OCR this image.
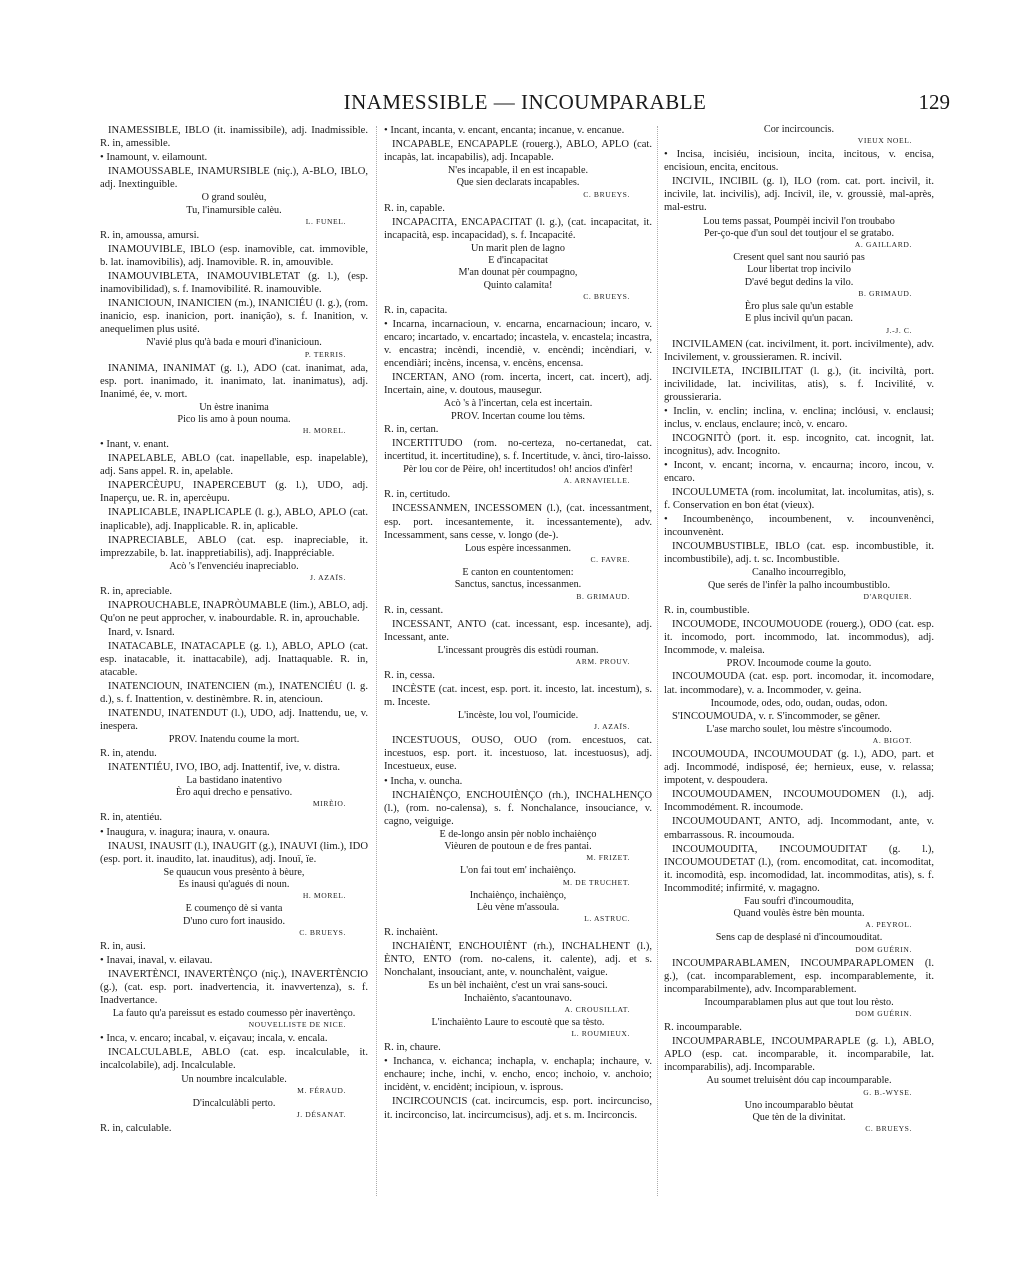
INAMESSIBLE — INCOUMPARABLE	129

INAMESSIBLE, IBLO (it. inamissibile), adj. Inadmissible. R. in, amessible.

• Inamount, v. eilamount.

INAMOUSSABLE, INAMURSIBLE (niç.), A-BLO, IBLO, adj. Inextinguible.

O grand soulèu,

Tu, l'inamursible calèu.

L. FUNEL.

R. in, amoussa, amursi.

INAMOUVIBLE, IBLO (esp. inamovible, cat. immovible, b. lat. inamovibilis), adj. Inamovible. R. in, amouvible.

INAMOUVIBLETA, INAMOUVIBLETAT (g. l.), (esp. inamovibilidad), s. f. Inamovibilité. R. inamouvible.

INANICIOUN, INANICIEN (m.), INANICIÉU (l. g.), (rom. inanicio, esp. inanicion, port. inanição), s. f. Inanition, v. anequelimen plus usité.

N'avié plus qu'à bada e mouri d'inanicioun.

P. TERRIS.

INANIMA, INANIMAT (g. l.), ADO (cat. inanimat, ada, esp. port. inanimado, it. inanimato, lat. inanimatus), adj. Inanimé, ée, v. mort.

Un èstre inanima

Pico lis amo à poun nouma.

H. MOREL.

• Inant, v. enant.

INAPELABLE, ABLO (cat. inapellable, esp. inapelable), adj. Sans appel. R. in, apelable.

INAPERCÈUPU, INAPERCEBUT (g. l.), UDO, adj. Inaperçu, ue. R. in, apercèupu.

INAPLICABLE, INAPLICAPLE (l. g.), ABLO, APLO (cat. inaplicable), adj. Inapplicable. R. in, aplicable.

INAPRECIABLE, ABLO (cat. esp. inapreciable, it. imprezzabile, b. lat. inappretiabilis), adj. Inappréciable.

Acò 's l'envenciéu inapreciablo.

J. AZAÏS.

R. in, apreciable.

INAPROUCHABLE, INAPRÒUMABLE (lim.), ABLO, adj. Qu'on ne peut approcher, v. inabourdable. R. in, aprouchable.

Inard, v. Isnard.

INATACABLE, INATACAPLE (g. l.), ABLO, APLO (cat. esp. inatacable, it. inattacabile), adj. Inattaquable. R. in, atacable.

INATENCIOUN, INATENCIEN (m.), INATENCIÉU (l. g. d.), s. f. Inattention, v. destinèmbre. R. in, atencioun.

INATENDU, INATENDUT (l.), UDO, adj. Inattendu, ue, v. inespera.

PROV. Inatendu coume la mort.

R. in, atendu.

INATENTIÉU, IVO, IBO, adj. Inattentif, ive, v. distra.

La bastidano inatentivo

Èro aqui drecho e pensativo.

MIRÈIO.

R. in, atentiéu.

• Inaugura, v. inagura; inaura, v. onaura.

INAUSI, INAUSIT (l.), INAUGIT (g.), INAUVI (lim.), IDO (esp. port. it. inaudito, lat. inauditus), adj. Inouï, ïe.

Se quaucun vous presènto à bèure,

Es inausi qu'agués di noun.

H. MOREL.

E coumenço dè si vanta

D'uno curo fort inausido.

C. BRUEYS.

R. in, ausi.

• Inavai, inaval, v. eilavau.

INAVERTÈNCI, INAVERTÈNÇO (niç.), INAVERTÈNCIO (g.), (cat. esp. port. inadvertencia, it. inavvertenza), s. f. Inadvertance.

La fauto qu'a pareissut es estado coumesso pèr inavertènço.

NOUVELLISTE DE NICE.

• Inca, v. encaro; incabal, v. eiçavau; incala, v. encala.

INCALCULABLE, ABLO (cat. esp. incalculable, it. incalcolabile), adj. Incalculable.

Un noumbre incalculable.

M. FÉRAUD.

D'incalculàbli perto.

J. DÉSANAT.

R. in, calculable.

• Incant, incanta, v. encant, encanta; incanue, v. encanue.

INCAPABLE, ENCAPAPLE (rouerg.), ABLO, APLO (cat. incapàs, lat. incapabilis), adj. Incapable.

N'es incapable, il en est incapable.

Que sien declarats incapables.

C. BRUEYS.

R. in, capable.

INCAPACITA, ENCAPACITAT (l. g.), (cat. incapacitat, it. incapacità, esp. incapacidad), s. f. Incapacité.

Un marit plen de lagno

E d'incapacitat

M'an dounat pèr coumpagno,

Quinto calamita!

C. BRUEYS.

R. in, capacita.

• Incarna, incarnacioun, v. encarna, encarnacioun; incaro, v. encaro; incartado, v. encartado; incastela, v. encastela; incastra, v. encastra; incèndi, incendiè, v. encèndi; incèndiari, v. encendiàri; incèns, incensa, v. encèns, encensa.

INCERTAN, ANO (rom. incerta, incert, cat. incert), adj. Incertain, aine, v. doutous, mausegur.

Acò 's à l'incertan, cela est incertain.

PROV. Incertan coume lou tèms.

R. in, certan.

INCERTITUDO (rom. no-certeza, no-certanedat, cat. incertitud, it. incertitudine), s. f. Incertitude, v. ànci, tiro-laisso.

Pèr lou cor de Pèire, oh! incertitudos! oh! ancios d'infèr!

A. ARNAVIELLE.

R. in, certitudo.

INCESSANMEN, INCESSOMEN (l.), (cat. incessantment, esp. port. incesantemente, it. incessantemente), adv. Incessamment, sans cesse, v. longo (de-).

Lous espère incessanmen.

C. FAVRE.

E canton en countentomen:

Sanctus, sanctus, incessanmen.

B. GRIMAUD.

R. in, cessant.

INCESSANT, ANTO (cat. incessant, esp. incesante), adj. Incessant, ante.

L'incessant prougrès dis estùdi rouman.

ARM. PROUV.

R. in, cessa.

INCÈSTE (cat. incest, esp. port. it. incesto, lat. incestum), s. m. Inceste.

L'incèste, lou vol, l'oumicide.

J. AZAÏS.

INCESTUOUS, OUSO, OUO (rom. encestuos, cat. incestuos, esp. port. it. incestuoso, lat. incestuosus), adj. Incestueux, euse.

• Incha, v. ouncha.

INCHAIÈNÇO, ENCHOUIÈNÇO (rh.), INCHALHENÇO (l.), (rom. no-calensa), s. f. Nonchalance, insouciance, v. cagno, veiguige.

E de-longo ansin pèr noblo inchaiènço

Vièuren de poutoun e de fres pantai.

M. FRIZET.

L'on fai tout em' inchaiènço.

M. DE TRUCHET.

Inchaiènço, inchaiènço,

Lèu vène m'assoula.

L. ASTRUC.

R. inchaiènt.

INCHAIÈNT, ENCHOUIÈNT (rh.), INCHALHENT (l.), ÈNTO, ENTO (rom. no-calens, it. calente), adj. et s. Nonchalant, insouciant, ante, v. nounchalènt, vaigue.

Es un bèl inchaiènt, c'est un vrai sans-souci.

Inchaiènto, s'acantounavo.

A. CROUSILLAT.

L'inchaiènto Laure to escoutè que sa tèsto.

L. ROUMIEUX.

R. in, chaure.

• Inchanca, v. eichanca; inchapla, v. enchapla; inchaure, v. enchaure; inche, inchi, v. encho, enco; inchoio, v. anchoio; incidènt, v. encidènt; incipioun, v. isprous.

INCIRCOUNCIS (cat. incircumcis, esp. port. incircunciso, it. incirconciso, lat. incircumcisus), adj. et s. m. Incirconcis.

Cor incircouncis.

VIEUX NOEL.

• Incisa, incisiéu, incisioun, incita, incitous, v. encisa, encisioun, encita, encitous.

INCIVIL, INCIBIL (g. l), ILO (rom. cat. port. incivil, it. incivile, lat. incivilis), adj. Incivil, ile, v. groussiè, mal-après, mal-estru.

Lou tems passat, Poumpèi incivil l'on troubabo

Per-ço-que d'un soul det toutjour el se gratabo.

A. GAILLARD.

Cresent quel sant nou saurió pas

Lour libertat trop incivilo

D'avé begut dedins la vilo.

B. GRIMAUD.

Èro plus sale qu'un estable

E plus incivil qu'un pacan.

J.-J. C.

INCIVILAMEN (cat. incivilment, it. port. incivilmente), adv. Incivilement, v. groussieramen. R. incivil.

INCIVILETA, INCIBILITAT (l. g.), (it. inciviltà, port. incivilidade, lat. incivilitas, atis), s. f. Incivilité, v. groussieraria.

• Inclin, v. enclin; inclina, v. enclina; inclóusi, v. enclausi; inclus, v. enclaus, enclaure; incò, v. encaro.

INCOGNITÒ (port. it. esp. incognito, cat. incognit, lat. incognitus), adv. Incognito.

• Incont, v. encant; incorna, v. encaurna; incoro, incou, v. encaro.

INCOULUMETA (rom. incolumitat, lat. incolumitas, atis), s. f. Conservation en bon état (vieux).

• Incoumbenènço, incoumbenent, v. incounvenènci, incounvenènt.

INCOUMBUSTIBLE, IBLO (cat. esp. incombustible, it. incombustibile), adj. t. sc. Incombustible.

Canalho incourregiblo,

Que serés de l'infèr la palho incoumbustiblo.

D'ARQUIER.

R. in, coumbustible.

INCOUMODE, INCOUMOUODE (rouerg.), ODO (cat. esp. it. incomodo, port. incommodo, lat. incommodus), adj. Incommode, v. maleisa.

PROV. Incoumode coume la gouto.

INCOUMOUDA (cat. esp. port. incomodar, it. incomodare, lat. incommodare), v. a. Incommoder, v. geina.

Incoumode, odes, odo, oudan, oudas, odon.

S'INCOUMOUDA, v. r. S'incommoder, se gêner.

L'ase marcho soulet, lou mèstre s'incoumodo.

A. BIGOT.

INCOUMOUDA, INCOUMOUDAT (g. l.), ADO, part. et adj. Incommodé, indisposé, ée; hernieux, euse, v. relassa; impotent, v. despoudera.

INCOUMOUDAMEN, INCOUMOUDOMEN (l.), adj. Incommodément. R. incoumode.

INCOUMOUDANT, ANTO, adj. Incommodant, ante, v. embarrassous. R. incoumouda.

INCOUMOUDITA, INCOUMOUDITAT (g. l.), INCOUMOUDETAT (l.), (rom. encomoditat, cat. incomoditat, it. incomodità, esp. incomodidad, lat. incommoditas, atis), s. f. Incommodité; infirmité, v. magagno.

Fau soufri d'incoumoudita,

Quand voulès èstre bèn mounta.

A. PEYROL.

Sens cap de desplasé ni d'incoumouditat.

DOM GUÉRIN.

INCOUMPARABLAMEN, INCOUMPARAPLOMEN (l. g.), (cat. incomparablement, esp. incomparablemente, it. incomparabilmente), adv. Incomparablement.

Incoumparablamen plus aut que tout lou rèsto.

DOM GUÉRIN.

R. incoumparable.

INCOUMPARABLE, INCOUMPARAPLE (g. l.), ABLO, APLO (esp. cat. incomparable, it. incomparabile, lat. incomparabilis), adj. Incomparable.

Au soumet treluisènt dóu cap incoumparable.

G. B.-WYSE.

Uno incoumparablo bèutat

Que tèn de la divinitat.

C. BRUEYS.
